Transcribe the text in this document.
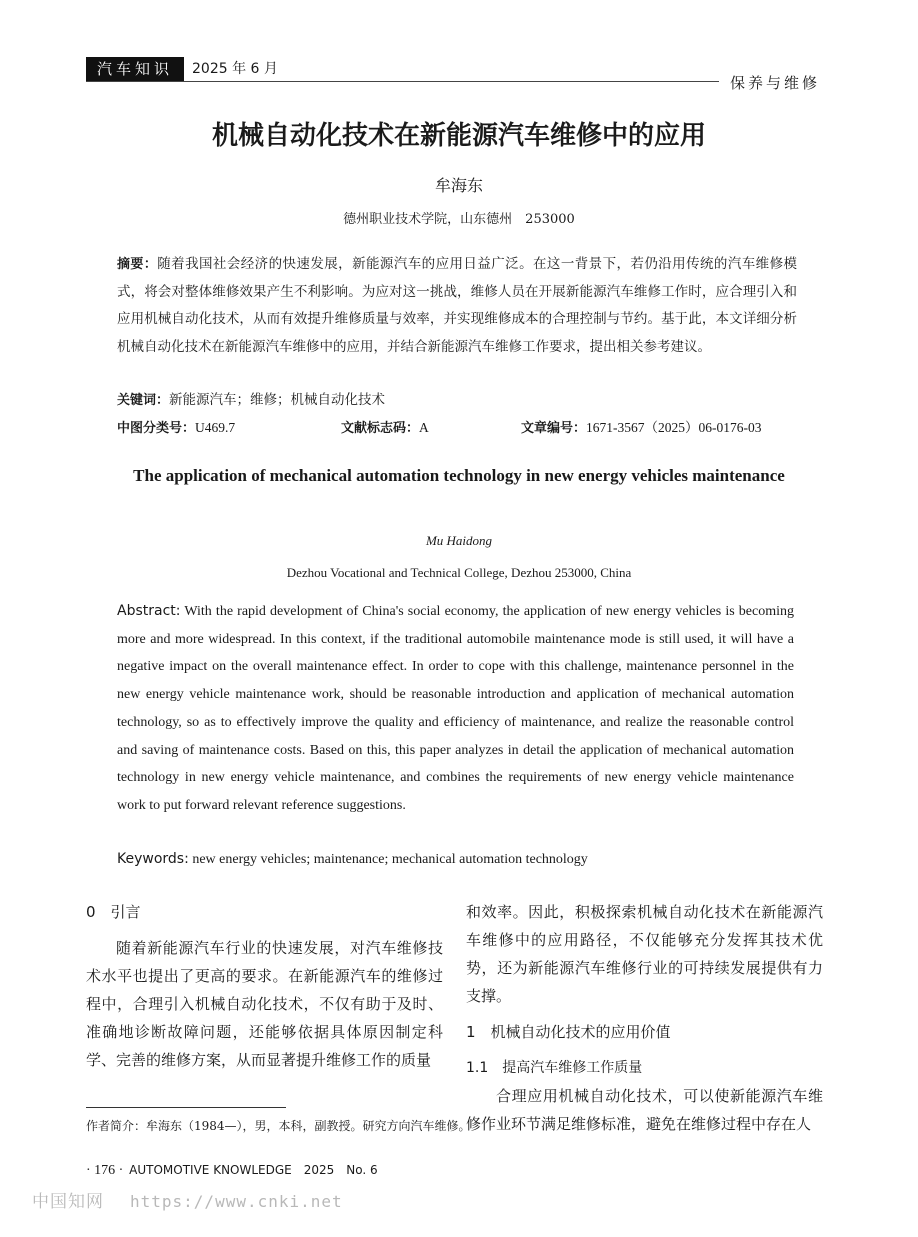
汽车知识	2025 年 6 月
保养与维修
机械自动化技术在新能源汽车维修中的应用
牟海东
德州职业技术学院，山东德州　253000
摘要：随着我国社会经济的快速发展，新能源汽车的应用日益广泛。在这一背景下，若仍沿用传统的汽车维修模式，将会对整体维修效果产生不利影响。为应对这一挑战，维修人员在开展新能源汽车维修工作时，应合理引入和应用机械自动化技术，从而有效提升维修质量与效率，并实现维修成本的合理控制与节约。基于此，本文详细分析机械自动化技术在新能源汽车维修中的应用，并结合新能源汽车维修工作要求，提出相关参考建议。
关键词：新能源汽车；维修；机械自动化技术
中图分类号：U469.7	文献标志码：A	文章编号：1671-3567（2025）06-0176-03
The application of mechanical automation technology in new energy vehicles maintenance
Mu Haidong
Dezhou Vocational and Technical College, Dezhou 253000, China
Abstract: With the rapid development of China's social economy, the application of new energy vehicles is becoming more and more widespread. In this context, if the traditional automobile maintenance mode is still used, it will have a negative impact on the overall maintenance effect. In order to cope with this challenge, maintenance personnel in the new energy vehicle maintenance work, should be reasonable introduction and application of mechanical automation technology, so as to effectively improve the quality and efficiency of maintenance, and realize the reasonable control and saving of maintenance costs. Based on this, this paper analyzes in detail the application of mechanical automation technology in new energy vehicle maintenance, and combines the requirements of new energy vehicle maintenance work to put forward relevant reference suggestions.
Keywords: new energy vehicles; maintenance; mechanical automation technology
0　引言
随着新能源汽车行业的快速发展，对汽车维修技术水平也提出了更高的要求。在新能源汽车的维修过程中，合理引入机械自动化技术，不仅有助于及时、准确地诊断故障问题，还能够依据具体原因制定科学、完善的维修方案，从而显著提升维修工作的质量
和效率。因此，积极探索机械自动化技术在新能源汽车维修中的应用路径，不仅能够充分发挥其技术优势，还为新能源汽车维修行业的可持续发展提供有力支撑。
1　机械自动化技术的应用价值
1.1　提高汽车维修工作质量
合理应用机械自动化技术，可以使新能源汽车维修作业环节满足维修标准，避免在维修过程中存在人
作者简介：牟海东（1984—），男，本科，副教授。研究方向汽车维修。
· 176 · AUTOMOTIVE KNOWLEDGE　2025　No. 6
中国知网 https://www.cnki.net
